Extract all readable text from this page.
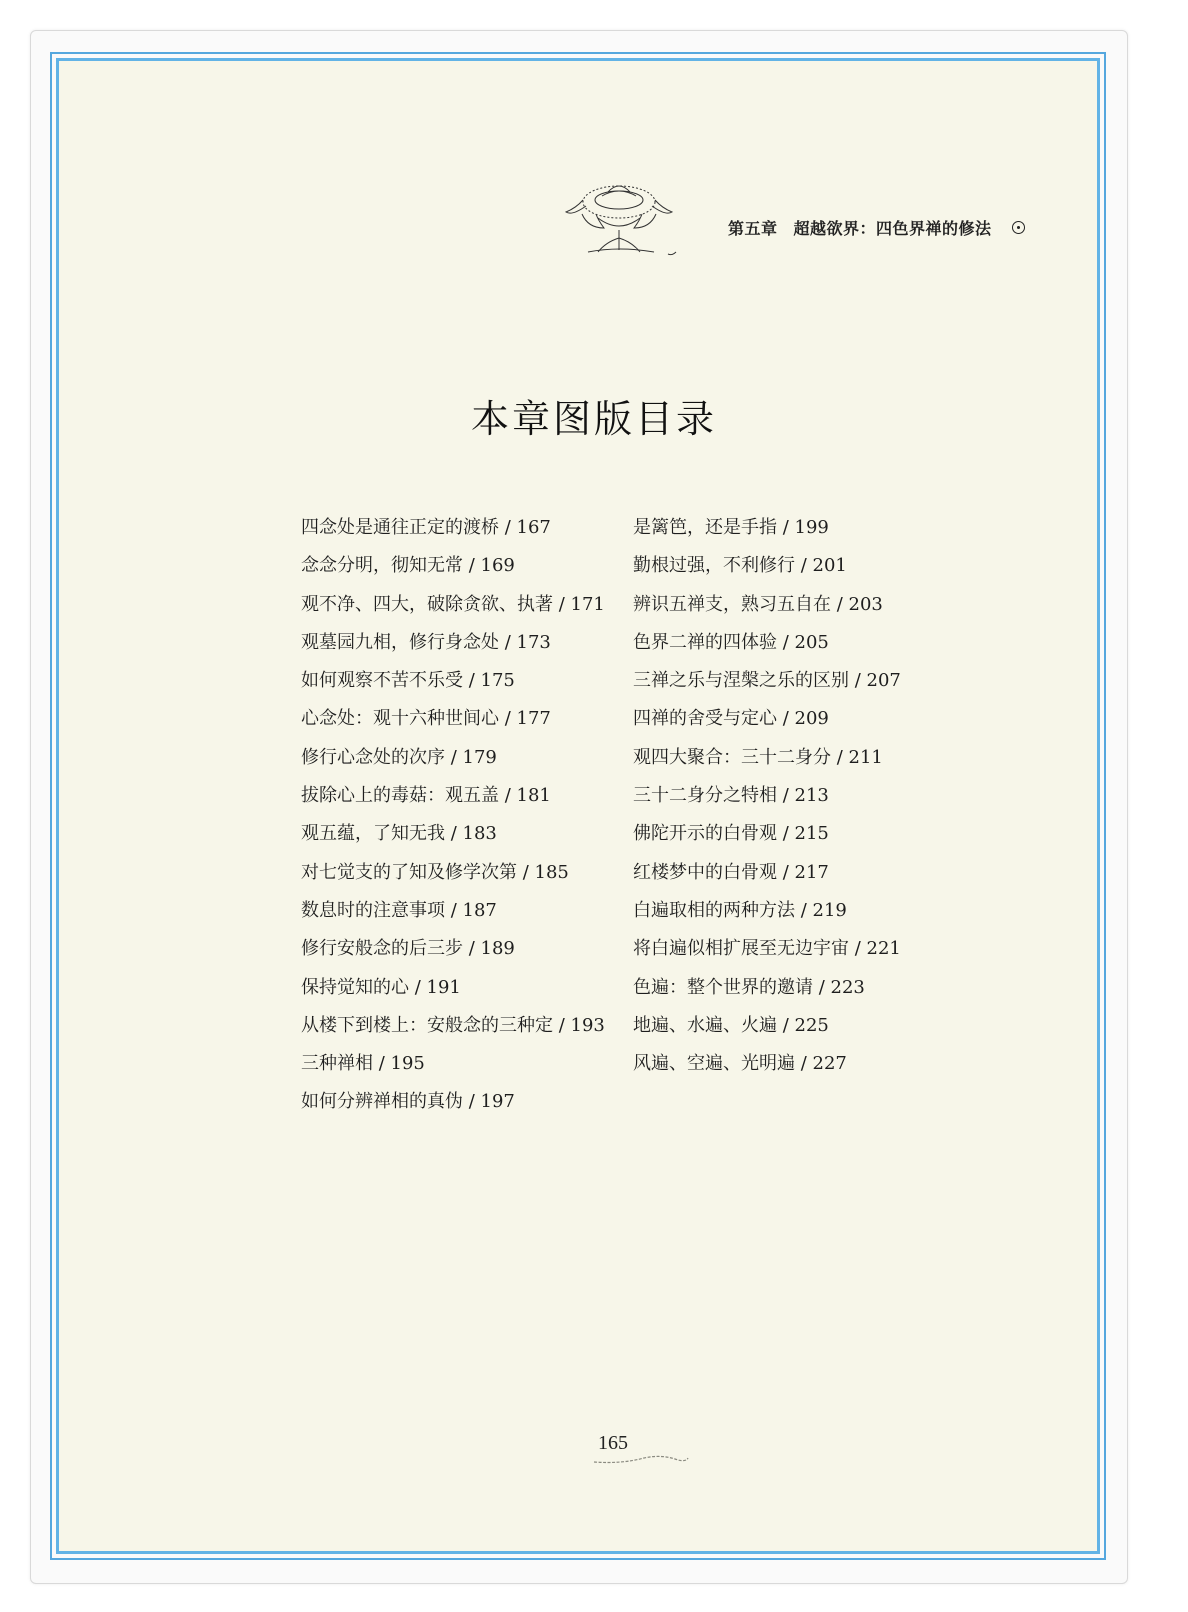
第五章 超越欲界：四色界禅的修法
本章图版目录
四念处是通往正定的渡桥 / 167
念念分明，彻知无常 / 169
观不净、四大，破除贪欲、执著 / 171
观墓园九相，修行身念处 / 173
如何观察不苦不乐受 / 175
心念处：观十六种世间心 / 177
修行心念处的次序 / 179
拔除心上的毒菇：观五盖 / 181
观五蕴，了知无我 / 183
对七觉支的了知及修学次第 / 185
数息时的注意事项 / 187
修行安般念的后三步 / 189
保持觉知的心 / 191
从楼下到楼上：安般念的三种定 / 193
三种禅相 / 195
如何分辨禅相的真伪 / 197
是篱笆，还是手指 / 199
勤根过强，不利修行 / 201
辨识五禅支，熟习五自在 / 203
色界二禅的四体验 / 205
三禅之乐与涅槃之乐的区别 / 207
四禅的舍受与定心 / 209
观四大聚合：三十二身分 / 211
三十二身分之特相 / 213
佛陀开示的白骨观 / 215
红楼梦中的白骨观 / 217
白遍取相的两种方法 / 219
将白遍似相扩展至无边宇宙 / 221
色遍：整个世界的邀请 / 223
地遍、水遍、火遍 / 225
风遍、空遍、光明遍 / 227
165
